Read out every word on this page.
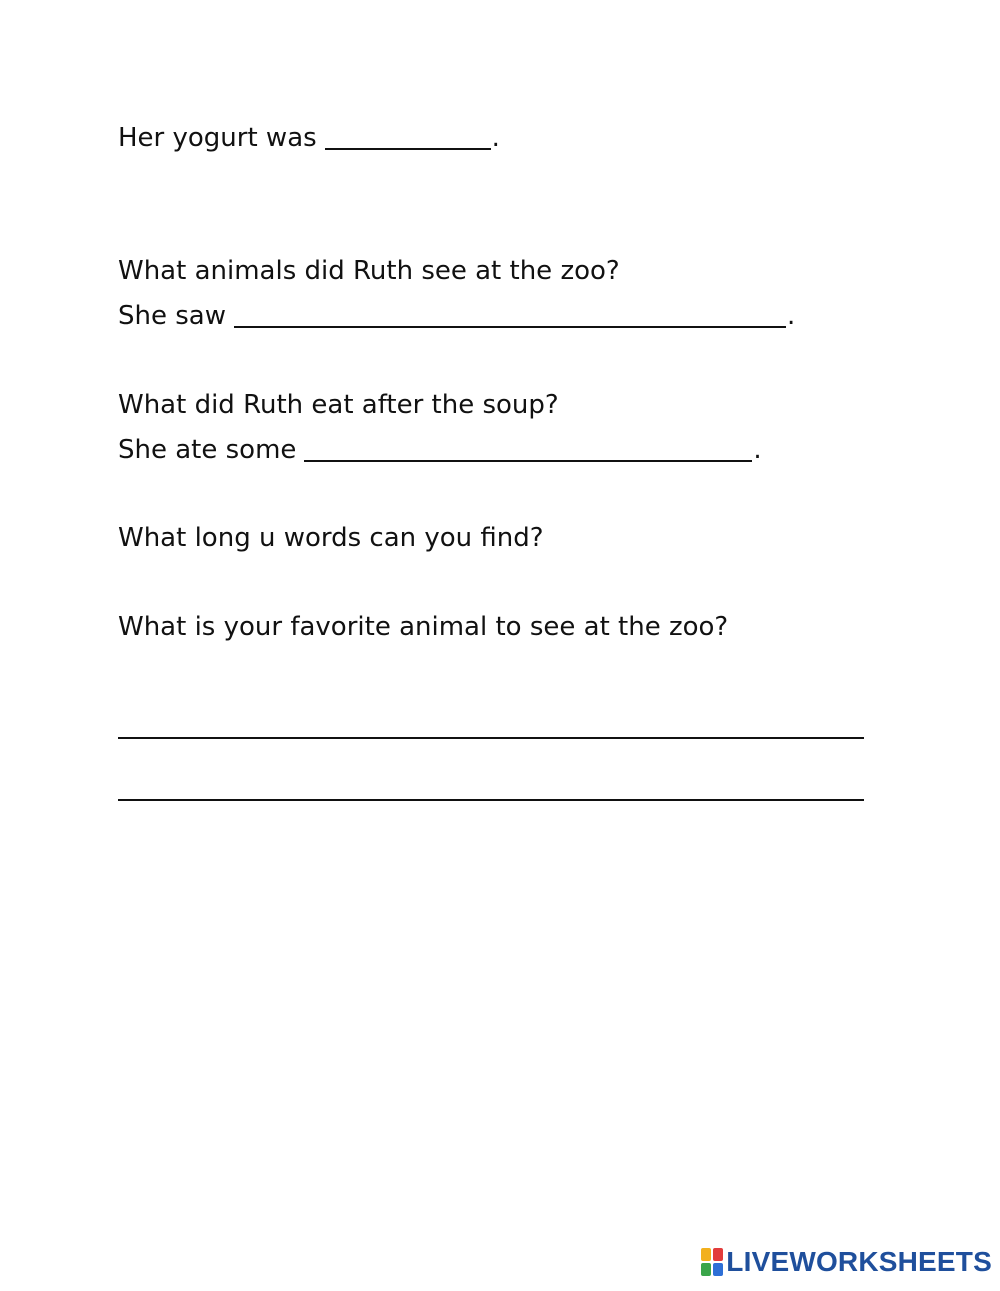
Her yogurt was	.
What animals did Ruth see at the zoo?
She saw	.
What did Ruth eat after the soup?
She ate some	.
What long u words can you find?
What is your favorite animal to see at the zoo?
LIVEWORKSHEETS
